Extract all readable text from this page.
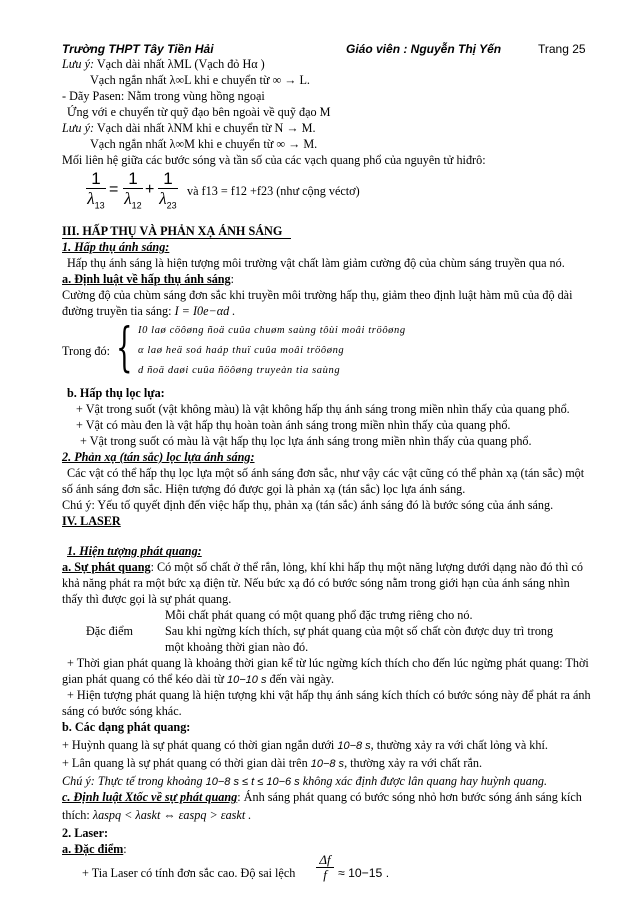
Trường THPT Tây Tiền Hải	Giáo viên : Nguyễn Thị Yến	Trang 25
Lưu ý: Vạch dài nhất λML (Vạch đỏ Hα )
Vạch ngắn nhất λ∞L khi e chuyển từ ∞ → L.
- Dãy Pasen: Nằm trong vùng hồng ngoại
Ứng với e chuyển từ quỹ đạo bên ngoài về quỹ đạo M
Lưu ý: Vạch dài nhất λNM khi e chuyển từ N → M.
Vạch ngắn nhất λ∞M khi e chuyển từ ∞ → M.
Mối liên hệ giữa các bước sóng và tần số của các vạch quang phổ của nguyên tử hiđrô:
1
$\lambda_{13}$
=
1
$\lambda_{12}$
+
1
$\lambda_{23}$
và f13 = f12 +f23 (như cộng véctơ)
III. HẤP THỤ VÀ PHẢN XẠ ÁNH SÁNG
1. Hấp thụ ánh sáng:
Hấp thụ ánh sáng là hiện tượng môi trường vật chất làm giảm cường độ của chùm sáng truyền qua nó.
a. Định luật về hấp thụ ánh sáng:
Cường độ của chùm sáng đơn sắc khi truyền môi trường hấp thụ, giảm theo định luật hàm mũ của độ dài
đường truyền tia sáng: I = I0e−αd .
Trong đó: { I0 laø cöôøng ñoä cuûa chuøm saùng tôùi moâi tröôøng
α laø heä soá haáp thuï cuûa moâi tröôøng
d ñoä daøi cuûa ñöôøng truyeàn tia saùng
b. Hấp thụ lọc lựa:
+ Vật trong suốt (vật không màu) là vật không hấp thụ ánh sáng trong miền nhìn thấy của quang phổ.
+ Vật có màu đen là vật hấp thụ hoàn toàn ánh sáng trong miền nhìn thấy của quang phổ.
+ Vật trong suốt có màu là vật hấp thụ lọc lựa ánh sáng trong miền nhìn thấy của quang phổ.
2. Phản xạ (tán sắc) lọc lựa ánh sáng:
Các vật có thể hấp thụ lọc lựa một số ánh sáng đơn sắc, như vậy các vật cũng có thể phản xạ (tán sắc) một
số ánh sáng đơn sắc. Hiện tượng đó được gọi là phản xạ (tán sắc) lọc lựa ánh sáng.
Chú ý: Yếu tố quyết định đến việc hấp thụ, phản xạ (tán sắc) ánh sáng đó là bước sóng của ánh sáng.
IV. LASER
1. Hiện tượng phát quang:
a. Sự phát quang: Có một số chất ở thể rắn, lỏng, khí khi hấp thụ một năng lượng dưới dạng nào đó thì có
khả năng phát ra một bức xạ điện từ. Nếu bức xạ đó có bước sóng nằm trong giới hạn của ánh sáng nhìn
thấy thì được gọi là sự phát quang.
Mỗi chất phát quang có một quang phổ đặc trưng riêng cho nó.
Đặc điểm	Sau khi ngừng kích thích, sự phát quang của một số chất còn được duy trì trong
một khoảng thời gian nào đó.
+ Thời gian phát quang là khoảng thời gian kể từ lúc ngừng kích thích cho đến lúc ngừng phát quang: Thời
gian phát quang có thể kéo dài từ 10−10 s đến vài ngày.
+ Hiện tượng phát quang là hiện tượng khi vật hấp thụ ánh sáng kích thích có bước sóng này để phát ra ánh
sáng có bước sóng khác.
b. Các dạng phát quang:
+ Huỳnh quang là sự phát quang có thời gian ngắn dưới 10−8 s, thường xảy ra với chất lỏng và khí.
+ Lân quang là sự phát quang có thời gian dài trên 10−8 s, thường xảy ra với chất rắn.
Chú ý: Thực tế trong khoảng 10−8 s ≤ t ≤ 10−6 s không xác định được lân quang hay huỳnh quang.
c. Định luật Xtốc về sự phát quang: Ánh sáng phát quang có bước sóng nhỏ hơn bước sóng ánh sáng kích
thích: λaspq < λaskt ⇔ εaspq > εaskt .
2. Laser:
a. Đặc điểm:
+ Tia Laser có tính đơn sắc cao. Độ sai lệch
Δf
f ≈ 10−15 .
